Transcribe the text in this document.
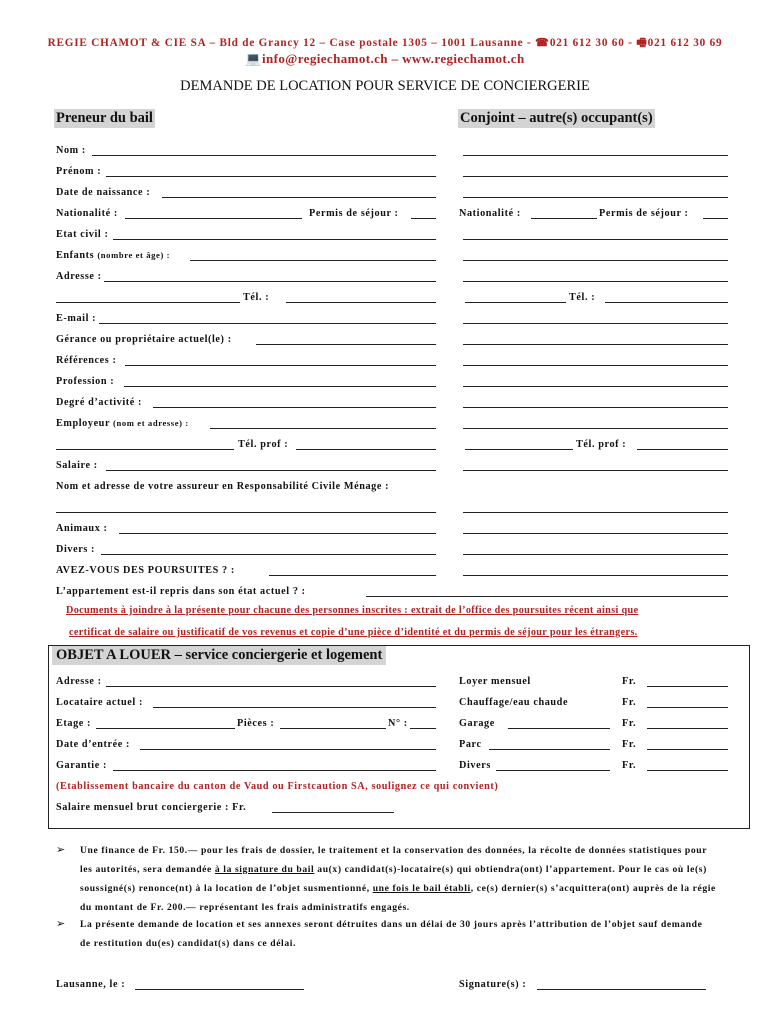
REGIE CHAMOT & CIE SA – Bld de Grancy 12 – Case postale 1305 – 1001 Lausanne - ☎021 612 30 60 - 🖷021 612 30 69
💻info@regiechamot.ch – www.regiechamot.ch
DEMANDE DE LOCATION POUR SERVICE DE CONCIERGERIE
Preneur du bail	Conjoint – autre(s) occupant(s)
Nom :
Prénom :
Date de naissance :
Nationalité :	Permis de séjour :	Nationalité :	Permis de séjour :
Etat civil :
Enfants (nombre et âge) :
Adresse :
Tél. :	Tél. :
E-mail :
Gérance ou propriétaire actuel(le) :
Références :
Profession :
Degré d’activité :
Employeur (nom et adresse) :
Tél. prof :	Tél. prof :
Salaire :
Nom et adresse de votre assureur en Responsabilité Civile Ménage :
Animaux :
Divers :
AVEZ-VOUS DES POURSUITES ? :
L’appartement est-il repris dans son état actuel ? :
Documents à joindre à la présente pour chacune des personnes inscrites : extrait de l’office des poursuites récent ainsi que
certificat de salaire ou justificatif de vos revenus et copie d’une pièce d’identité et du permis de séjour pour les étrangers.
OBJET A LOUER – service conciergerie et logement
Adresse :	Loyer mensuel	Fr.
Locataire actuel :	Chauffage/eau chaude	Fr.
Etage :	Pièces :	N° :	Garage	Fr.
Date d’entrée :	Parc	Fr.
Garantie :	Divers	Fr.
(Etablissement bancaire du canton de Vaud ou Firstcaution SA, soulignez ce qui convient)
Salaire mensuel brut conciergerie : Fr.
➢ Une finance de Fr. 150.— pour les frais de dossier, le traitement et la conservation des données, la récolte de données statistiques pour
les autorités, sera demandée à la signature du bail au(x) candidat(s)-locataire(s) qui obtiendra(ont) l’appartement. Pour le cas où le(s)
soussigné(s) renonce(nt) à la location de l’objet susmentionné, une fois le bail établi, ce(s) dernier(s) s’acquittera(ont) auprès de la régie
du montant de Fr. 200.— représentant les frais administratifs engagés.
➢ La présente demande de location et ses annexes seront détruites dans un délai de 30 jours après l’attribution de l’objet sauf demande
de restitution du(es) candidat(s) dans ce délai.
Lausanne, le :	Signature(s) :
